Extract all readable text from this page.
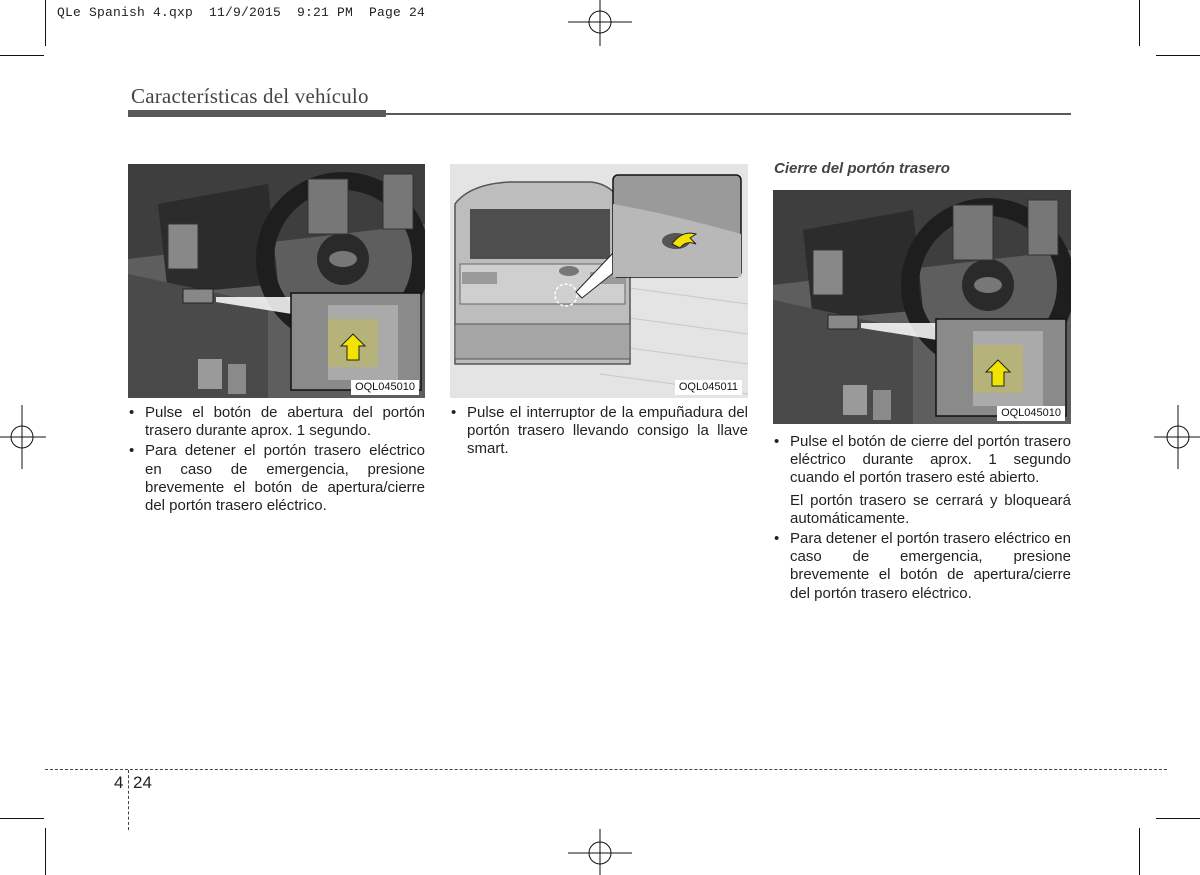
QLe Spanish 4.qxp  11/9/2015  9:21 PM  Page 24
Características del vehículo
OQL045010	OQL045011
Cierre del portón trasero
OQL045010
• Pulse el botón de abertura del portón trasero durante aprox. 1 segundo.
• Para detener el portón trasero eléctrico en caso de emergencia, presione brevemente el botón de apertura/cierre del portón trasero eléctrico.
• Pulse el interruptor de la empuñadura del portón trasero llevando consigo la llave smart.
•	Pulse el botón de cierre del portón trasero eléctrico durante aprox. 1 segundo cuando el portón trasero esté abierto.
El portón trasero se cerrará y bloqueará automáticamente.
• Para detener el portón trasero eléctrico en caso de emergencia, presione brevemente el botón de apertura/cierre del portón trasero eléctrico.
4 24
